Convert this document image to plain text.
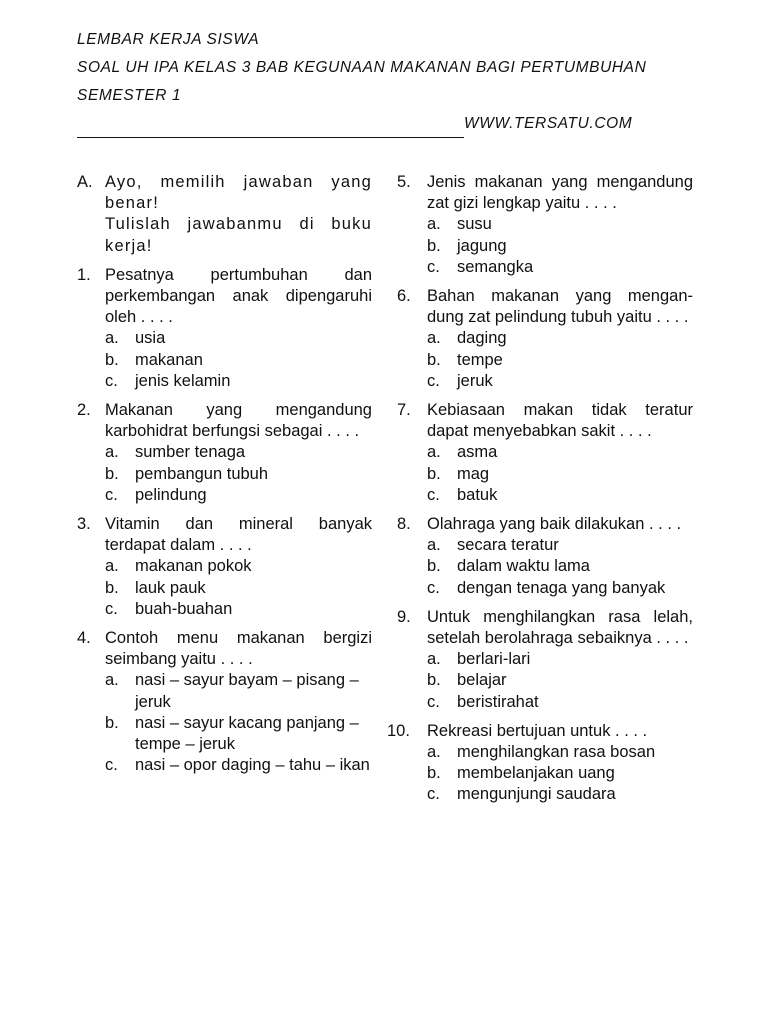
LEMBAR KERJA SISWA
SOAL UH IPA KELAS 3 BAB KEGUNAAN MAKANAN BAGI PERTUMBUHAN
SEMESTER 1
WWW.TERSATU.COM
A. Ayo, memilih jawaban yang benar!
Tulislah jawabanmu di buku kerja!
1. Pesatnya pertumbuhan dan perkembangan anak dipengaruhi oleh . . . .
a. usia
b. makanan
c.	jenis kelamin
2. Makanan yang mengandung karbohidrat berfungsi sebagai . . . .
a. sumber tenaga
b. pembangun tubuh
c.	pelindung
3. Vitamin dan mineral banyak terdapat dalam . . . .
a. makanan pokok
b. lauk pauk
c.	buah-buahan
4. Contoh menu makanan bergizi seimbang yaitu . . . .
a. nasi – sayur bayam – pisang – jeruk
b. nasi – sayur kacang panjang – tempe – jeruk
c.	nasi – opor daging – tahu – ikan
5. Jenis makanan yang mengandung zat gizi lengkap yaitu . . . .
a. susu
b. jagung
c.	semangka
6. Bahan makanan yang mengan- dung zat pelindung tubuh yaitu . . . .
a. daging
b. tempe
c.	jeruk
7. Kebiasaan makan tidak teratur dapat menyebabkan sakit . . . .
a. asma
b. mag
c.	batuk
8. Olahraga yang baik dilakukan . . . .
a. secara teratur
b. dalam waktu lama
c.	dengan tenaga yang banyak
9. Untuk menghilangkan rasa lelah, setelah berolahraga sebaiknya . . . .
a. berlari-lari
b. belajar
c.	beristirahat
10.	Rekreasi bertujuan untuk . . . .
a. menghilangkan rasa bosan
b. membelanjakan uang
c.	mengunjungi saudara
